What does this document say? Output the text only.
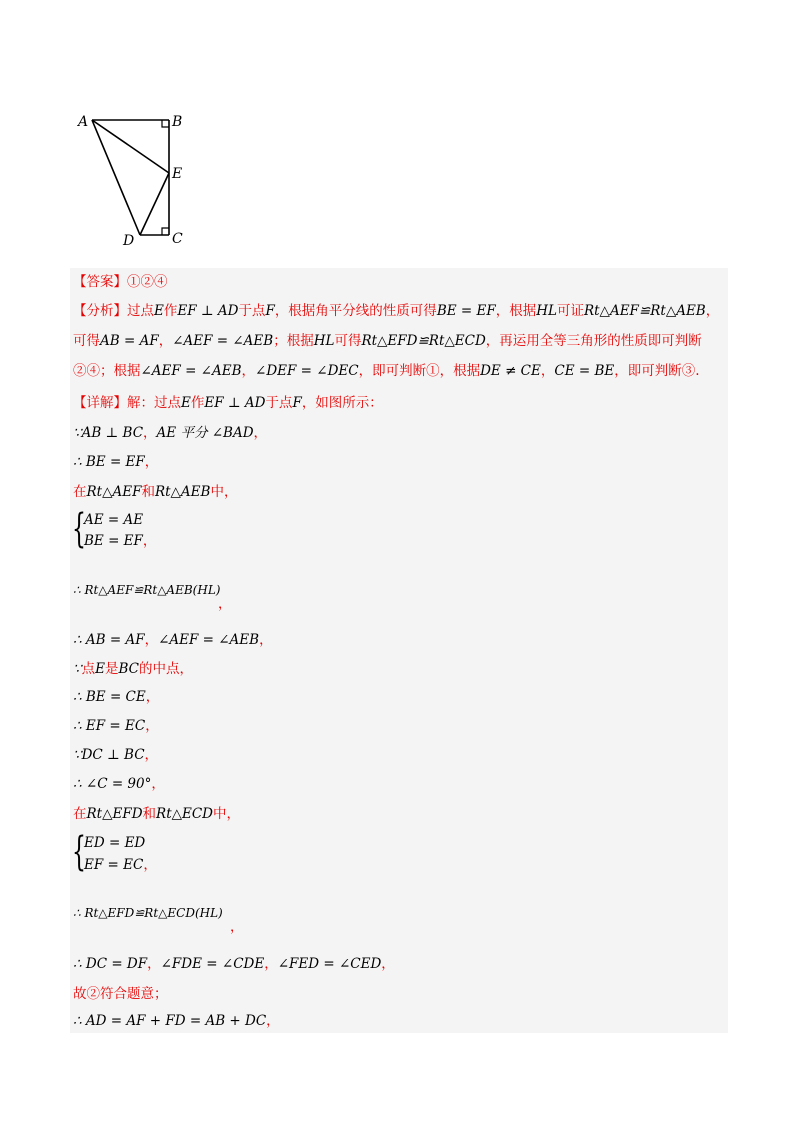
A	B
E
D	C
【答案】①②④
【分析】过点E作EF ⊥ AD于点F，根据角平分线的性质可得BE = EF，根据HL可证Rt△AEF≌Rt△AEB，
可得AB = AF，∠AEF = ∠AEB；根据HL可得Rt△EFD≌Rt△ECD，再运用全等三角形的性质即可判断
②④；根据∠AEF = ∠AEB，∠DEF = ∠DEC，即可判断①，根据DE ≠ CE，CE = BE，即可判断③.
【详解】解：过点E作EF ⊥ AD于点F，如图所示：
∵AB ⊥ BC，AE 平分 ∠BAD，
∴ BE = EF，
在Rt△AEF和Rt△AEB中，
{
AE = AE
BE = EF，
∴ Rt△AEF≌Rt△AEB(HL)
，
∴ AB = AF，∠AEF = ∠AEB，
∵点E是BC的中点，
∴ BE = CE，
∴ EF = EC，
∵DC ⊥ BC，
∴ ∠C = 90°，
在Rt△EFD和Rt△ECD中，
{
ED = ED
EF = EC，
∴ Rt△EFD≌Rt△ECD(HL)
，
∴ DC = DF，∠FDE = ∠CDE，∠FED = ∠CED，
故②符合题意；
∴ AD = AF + FD = AB + DC，
